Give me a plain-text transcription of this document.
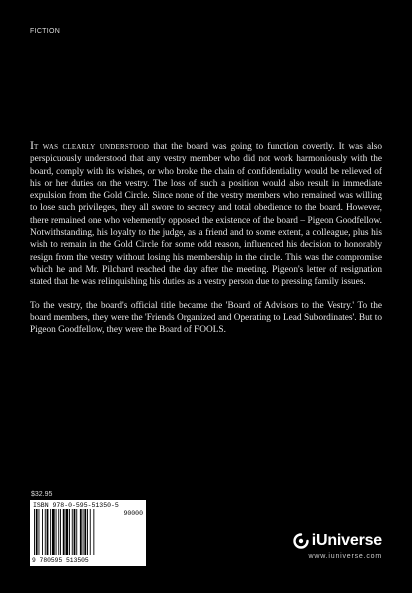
FICTION

It was clearly understood that the board was going to function covertly. It was also perspicuously understood that any vestry member who did not work harmoniously with the board, comply with its wishes, or who broke the chain of confidentiality would be relieved of his or her duties on the vestry. The loss of such a position would also result in immediate expulsion from the Gold Circle. Since none of the vestry members who remained was willing to lose such privileges, they all swore to secrecy and total obedience to the board. However, there remained one who vehemently opposed the existence of the board – Pigeon Goodfellow. Notwithstanding, his loyalty to the judge, as a friend and to some extent, a colleague, plus his wish to remain in the Gold Circle for some odd reason, influenced his decision to honorably resign from the vestry without losing his membership in the circle. This was the compromise which he and Mr. Pilchard reached the day after the meeting. Pigeon's letter of resignation stated that he was relinquishing his duties as a vestry person due to pressing family issues.

To the vestry, the board's official title became the 'Board of Advisors to the Vestry.' To the board members, they were the 'Friends Organized and Operating to Lead Subordinates'. But to Pigeon Goodfellow, they were the Board of FOOLS.

$32.95
ISBN 978-0-595-51350-5
90000
9 780595 513505
iUniverse
www.iuniverse.com
